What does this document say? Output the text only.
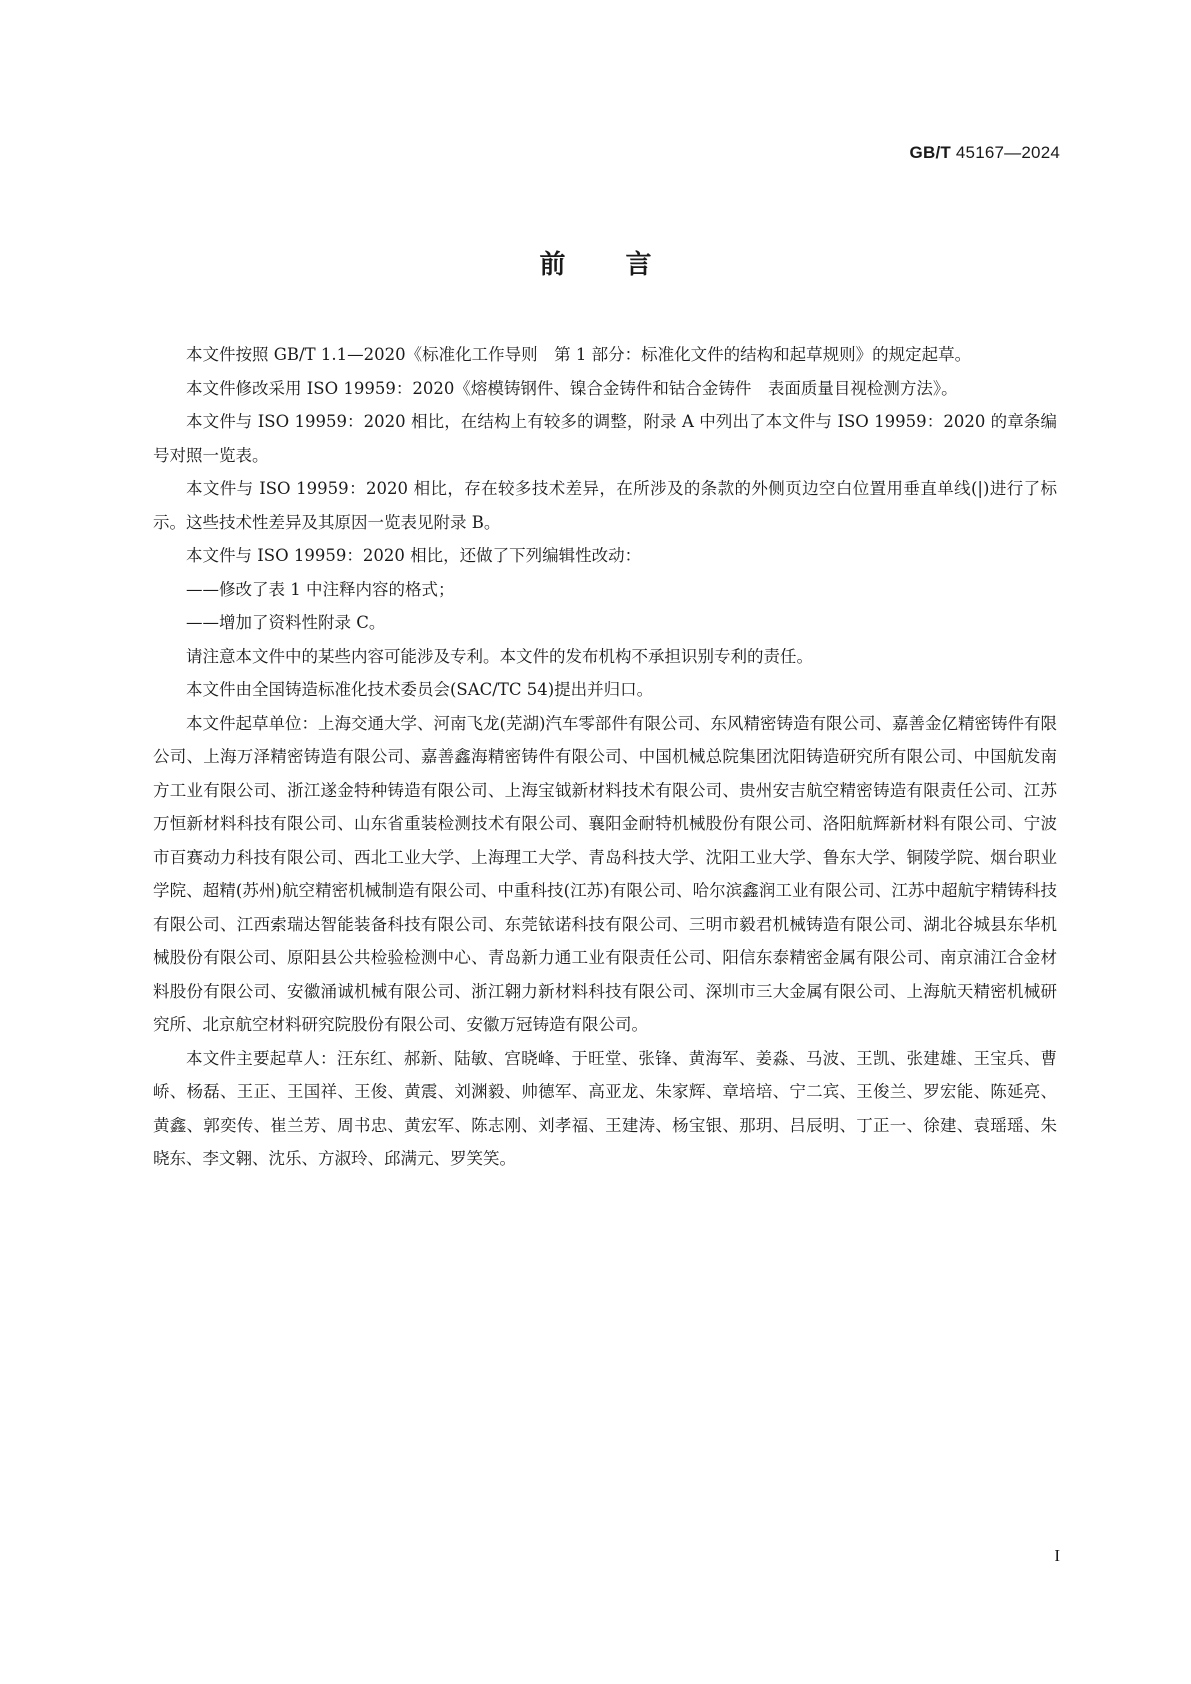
GB/T 45167—2024
前言

本文件按照 GB/T 1.1—2020《标准化工作导则　第 1 部分：标准化文件的结构和起草规则》的规定起草。

本文件修改采用 ISO 19959：2020《熔模铸钢件、镍合金铸件和钴合金铸件　表面质量目视检测方法》。

本文件与 ISO 19959：2020 相比，在结构上有较多的调整，附录 A 中列出了本文件与 ISO 19959：2020 的章条编号对照一览表。

本文件与 ISO 19959：2020 相比，存在较多技术差异，在所涉及的条款的外侧页边空白位置用垂直单线(|)进行了标示。这些技术性差异及其原因一览表见附录 B。

本文件与 ISO 19959：2020 相比，还做了下列编辑性改动：

——修改了表 1 中注释内容的格式；

——增加了资料性附录 C。

请注意本文件中的某些内容可能涉及专利。本文件的发布机构不承担识别专利的责任。

本文件由全国铸造标准化技术委员会(SAC/TC 54)提出并归口。

本文件起草单位：上海交通大学、河南飞龙(芜湖)汽车零部件有限公司、东风精密铸造有限公司、嘉善金亿精密铸件有限公司、上海万泽精密铸造有限公司、嘉善鑫海精密铸件有限公司、中国机械总院集团沈阳铸造研究所有限公司、中国航发南方工业有限公司、浙江遂金特种铸造有限公司、上海宝钺新材料技术有限公司、贵州安吉航空精密铸造有限责任公司、江苏万恒新材料科技有限公司、山东省重装检测技术有限公司、襄阳金耐特机械股份有限公司、洛阳航辉新材料有限公司、宁波市百赛动力科技有限公司、西北工业大学、上海理工大学、青岛科技大学、沈阳工业大学、鲁东大学、铜陵学院、烟台职业学院、超精(苏州)航空精密机械制造有限公司、中重科技(江苏)有限公司、哈尔滨鑫润工业有限公司、江苏中超航宇精铸科技有限公司、江西索瑞达智能装备科技有限公司、东莞铱诺科技有限公司、三明市毅君机械铸造有限公司、湖北谷城县东华机械股份有限公司、原阳县公共检验检测中心、青岛新力通工业有限责任公司、阳信东泰精密金属有限公司、南京浦江合金材料股份有限公司、安徽涌诚机械有限公司、浙江翱力新材料科技有限公司、深圳市三大金属有限公司、上海航天精密机械研究所、北京航空材料研究院股份有限公司、安徽万冠铸造有限公司。

本文件主要起草人：汪东红、郝新、陆敏、宫晓峰、于旺堂、张锋、黄海军、姜淼、马波、王凯、张建雄、王宝兵、曹峤、杨磊、王正、王国祥、王俊、黄震、刘渊毅、帅德军、高亚龙、朱家辉、章培培、宁二宾、王俊兰、罗宏能、陈延亮、黄鑫、郭奕传、崔兰芳、周书忠、黄宏军、陈志刚、刘孝福、王建涛、杨宝银、那玥、吕辰明、丁正一、徐建、袁瑶瑶、朱晓东、李文翱、沈乐、方淑玲、邱满元、罗笑笑。

I
